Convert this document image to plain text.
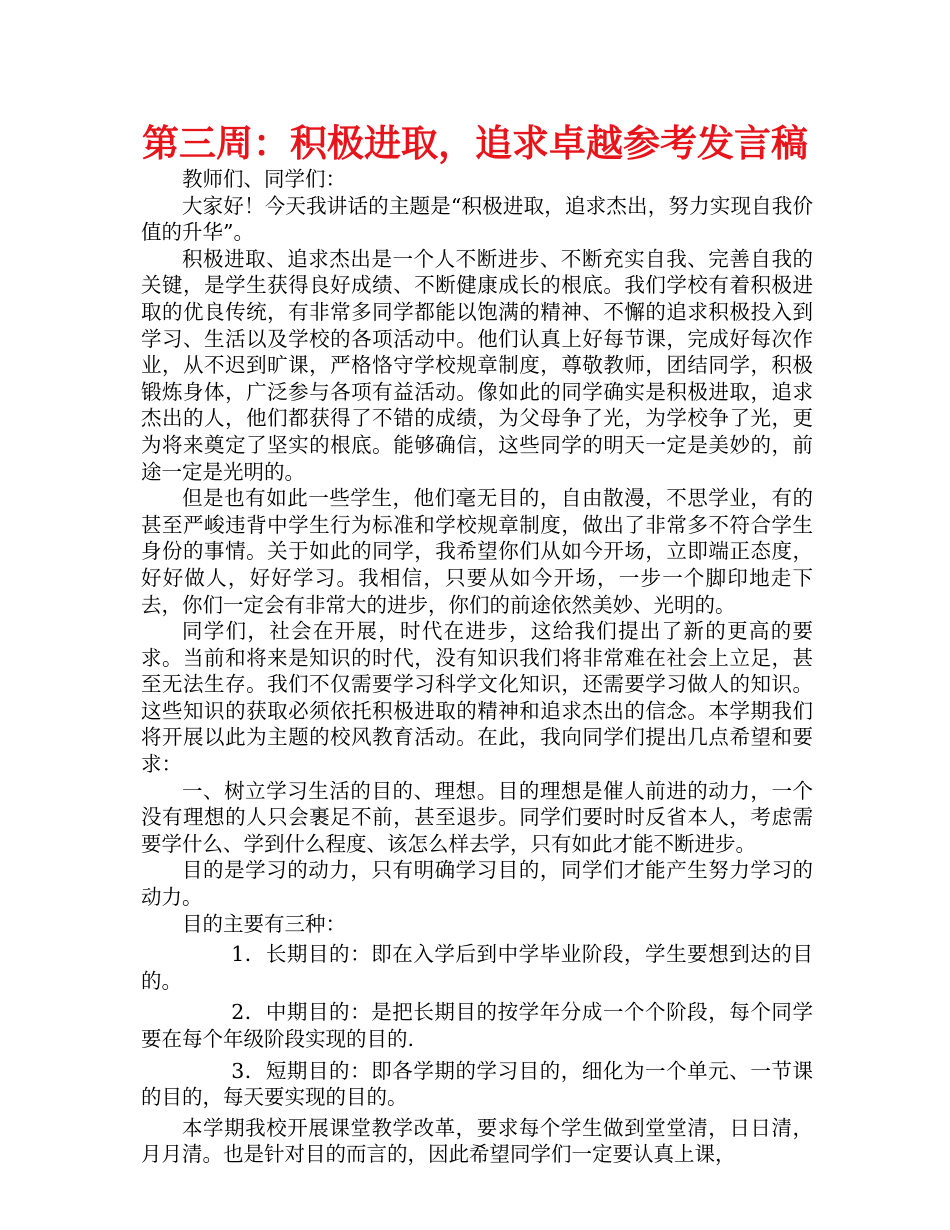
第三周：积极进取，追求卓越参考发言稿

教师们、同学们：

大家好！今天我讲话的主题是“积极进取，追求杰出，努力实现自我价值的升华”。

积极进取、追求杰出是一个人不断进步、不断充实自我、完善自我的关键，是学生获得良好成绩、不断健康成长的根底。我们学校有着积极进取的优良传统，有非常多同学都能以饱满的精神、不懈的追求积极投入到学习、生活以及学校的各项活动中。他们认真上好每节课，完成好每次作业，从不迟到旷课，严格恪守学校规章制度，尊敬教师，团结同学，积极锻炼身体，广泛参与各项有益活动。像如此的同学确实是积极进取，追求杰出的人，他们都获得了不错的成绩，为父母争了光，为学校争了光，更为将来奠定了坚实的根底。能够确信，这些同学的明天一定是美妙的，前途一定是光明的。

但是也有如此一些学生，他们毫无目的，自由散漫，不思学业，有的甚至严峻违背中学生行为标准和学校规章制度，做出了非常多不符合学生身份的事情。关于如此的同学，我希望你们从如今开场，立即端正态度，好好做人，好好学习。我相信，只要从如今开场，一步一个脚印地走下去，你们一定会有非常大的进步，你们的前途依然美妙、光明的。

同学们，社会在开展，时代在进步，这给我们提出了新的更高的要求。当前和将来是知识的时代，没有知识我们将非常难在社会上立足，甚至无法生存。我们不仅需要学习科学文化知识，还需要学习做人的知识。这些知识的获取必须依托积极进取的精神和追求杰出的信念。本学期我们将开展以此为主题的校风教育活动。在此，我向同学们提出几点希望和要求：

一、树立学习生活的目的、理想。目的理想是催人前进的动力，一个没有理想的人只会裹足不前，甚至退步。同学们要时时反省本人，考虑需要学什么、学到什么程度、该怎么样去学，只有如此才能不断进步。

目的是学习的动力，只有明确学习目的，同学们才能产生努力学习的动力。

目的主要有三种：

1．长期目的：即在入学后到中学毕业阶段，学生要想到达的目的。

2．中期目的：是把长期目的按学年分成一个个阶段，每个同学要在每个年级阶段实现的目的.

3．短期目的：即各学期的学习目的，细化为一个单元、一节课的目的，每天要实现的目的。

本学期我校开展课堂教学改革，要求每个学生做到堂堂清，日日清，月月清。也是针对目的而言的，因此希望同学们一定要认真上课，
